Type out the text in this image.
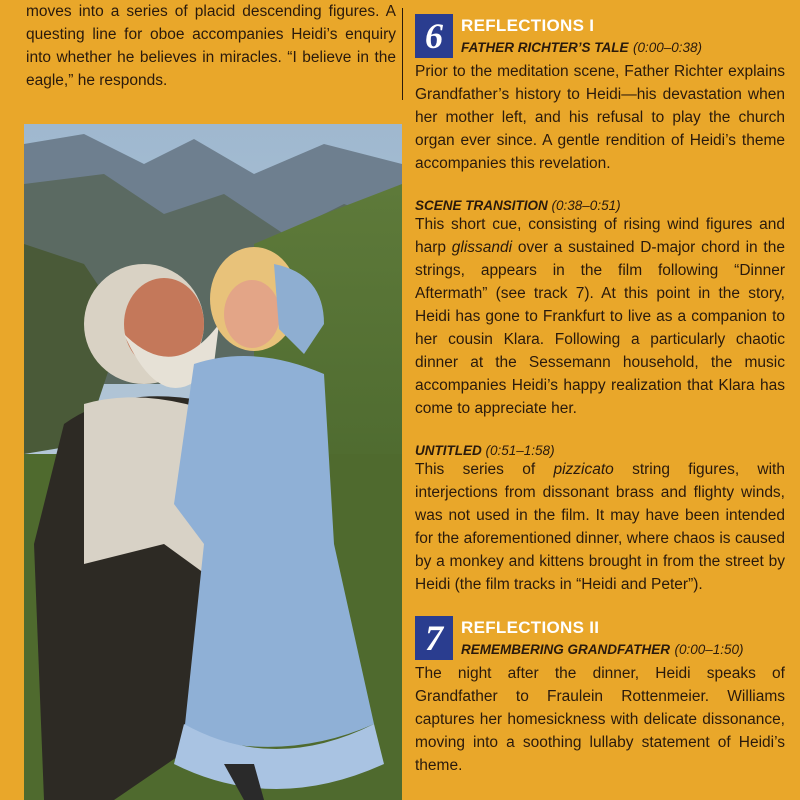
moves into a series of placid descending figures. A questing line for oboe accompanies Heidi’s enquiry into whether he believes in miracles. “I believe in the eagle,” he responds.

6	REFLECTIONS I
FATHER RICHTER’S TALE (0:00–0:38)

Prior to the meditation scene, Father Richter explains Grandfather’s history to Heidi—his devastation when her mother left, and his refusal to play the church organ ever since. A gentle rendition of Heidi’s theme accompanies this revelation.

SCENE TRANSITION (0:38–0:51)

This short cue, consisting of rising wind figures and harp glissandi over a sustained D-major chord in the strings, appears in the film following “Dinner Aftermath” (see track 7). At this point in the story, Heidi has gone to Frankfurt to live as a companion to her cousin Klara. Following a particularly chaotic dinner at the Sessemann household, the music accompanies Heidi’s happy realization that Klara has come to appreciate her.

UNTITLED (0:51–1:58)

This series of pizzicato string figures, with interjections from dissonant brass and flighty winds, was not used in the film. It may have been intended for the aforementioned dinner, where chaos is caused by a monkey and kittens brought in from the street by Heidi (the film tracks in “Heidi and Peter”).

7	REFLECTIONS II
REMEMBERING GRANDFATHER (0:00–1:50)

The night after the dinner, Heidi speaks of Grandfather to Fraulein Rottenmeier. Williams captures her homesickness with delicate dissonance, moving into a soothing lullaby statement of Heidi’s theme.
